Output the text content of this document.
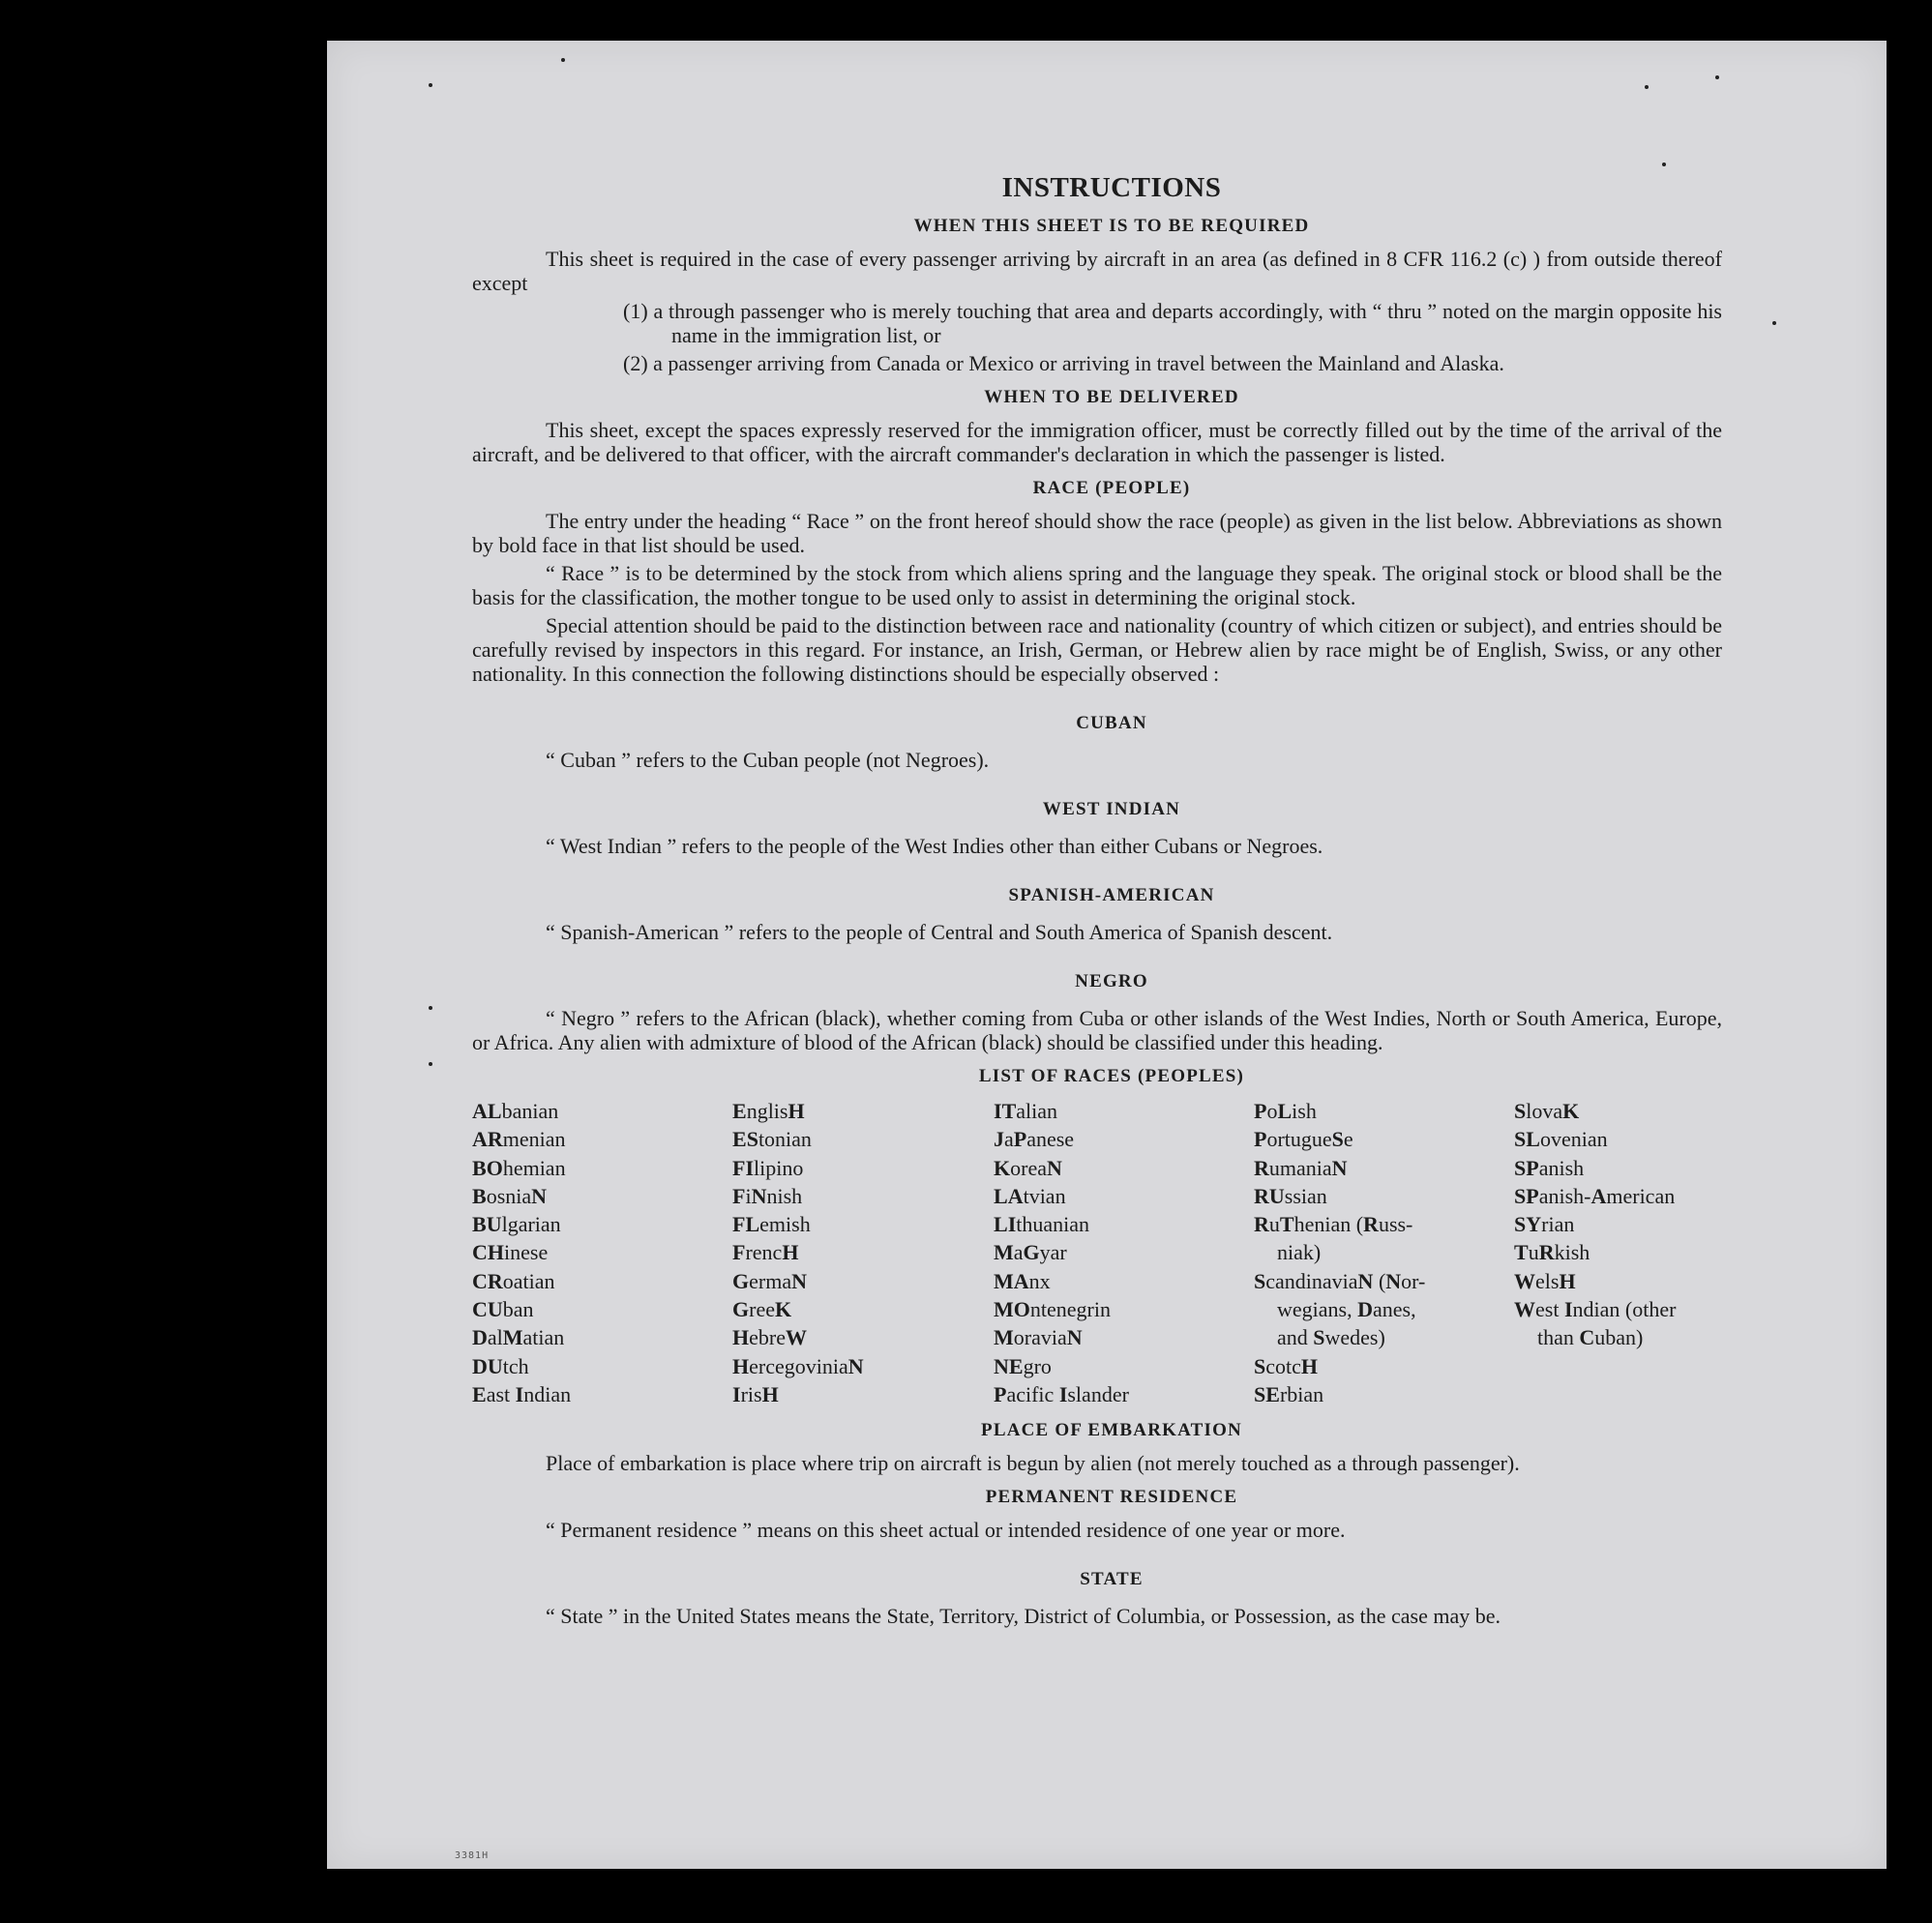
INSTRUCTIONS
WHEN THIS SHEET IS TO BE REQUIRED

This sheet is required in the case of every passenger arriving by aircraft in an area (as defined in 8 CFR 116.2 (c) ) from outside thereof except

(1) a through passenger who is merely touching that area and departs accordingly, with “ thru ” noted on the margin opposite his name in the immigration list, or

(2) a passenger arriving from Canada or Mexico or arriving in travel between the Mainland and Alaska.

WHEN TO BE DELIVERED

This sheet, except the spaces expressly reserved for the immigration officer, must be correctly filled out by the time of the arrival of the aircraft, and be delivered to that officer, with the aircraft commander's declaration in which the passenger is listed.

RACE (PEOPLE)

The entry under the heading “ Race ” on the front hereof should show the race (people) as given in the list below. Abbreviations as shown by bold face in that list should be used.

“ Race ” is to be determined by the stock from which aliens spring and the language they speak. The original stock or blood shall be the basis for the classification, the mother tongue to be used only to assist in determining the original stock.

Special attention should be paid to the distinction between race and nationality (country of which citizen or subject), and entries should be carefully revised by inspectors in this regard. For instance, an Irish, German, or Hebrew alien by race might be of English, Swiss, or any other nationality. In this connection the following distinctions should be especially observed :

CUBAN

“ Cuban ” refers to the Cuban people (not Negroes).

WEST INDIAN

“ West Indian ” refers to the people of the West Indies other than either Cubans or Negroes.

SPANISH-AMERICAN

“ Spanish-American ” refers to the people of Central and South America of Spanish descent.

NEGRO

“ Negro ” refers to the African (black), whether coming from Cuba or other islands of the West Indies, North or South America, Europe, or Africa. Any alien with admixture of blood of the African (black) should be classified under this heading.

LIST OF RACES (PEOPLES)
ALbanian
ARmenian
BOhemian
BosniaN
BUlgarian
CHinese
CRoatian
CUban
DalMatian
DUtch
East Indian
EnglisH
EStonian
FIlipino
FiNnish
FLemish
FrencH
GermaN
GreeK
HebreW
HercegoviniaN
IrisH
ITalian
JaPanese
KoreaN
LAtvian
LIthuanian
MaGyar
MAnx
MOntenegrin
MoraviaN
NEgro
Pacific Islander
PoLish
PortugueSe
RumaniaN
RUssian
RuThenian (Russ-
niak)
ScandinaviaN (Nor-
wegians, Danes,
and Swedes)
ScotcH
SErbian
SlovaK
SLovenian
SPanish
SPanish-American
SYrian
TuRkish
WelsH
West Indian (other
than Cuban)
PLACE OF EMBARKATION

Place of embarkation is place where trip on aircraft is begun by alien (not merely touched as a through passenger).

PERMANENT RESIDENCE

“ Permanent residence ” means on this sheet actual or intended residence of one year or more.

STATE

“ State ” in the United States means the State, Territory, District of Columbia, or Possession, as the case may be.

3381H
